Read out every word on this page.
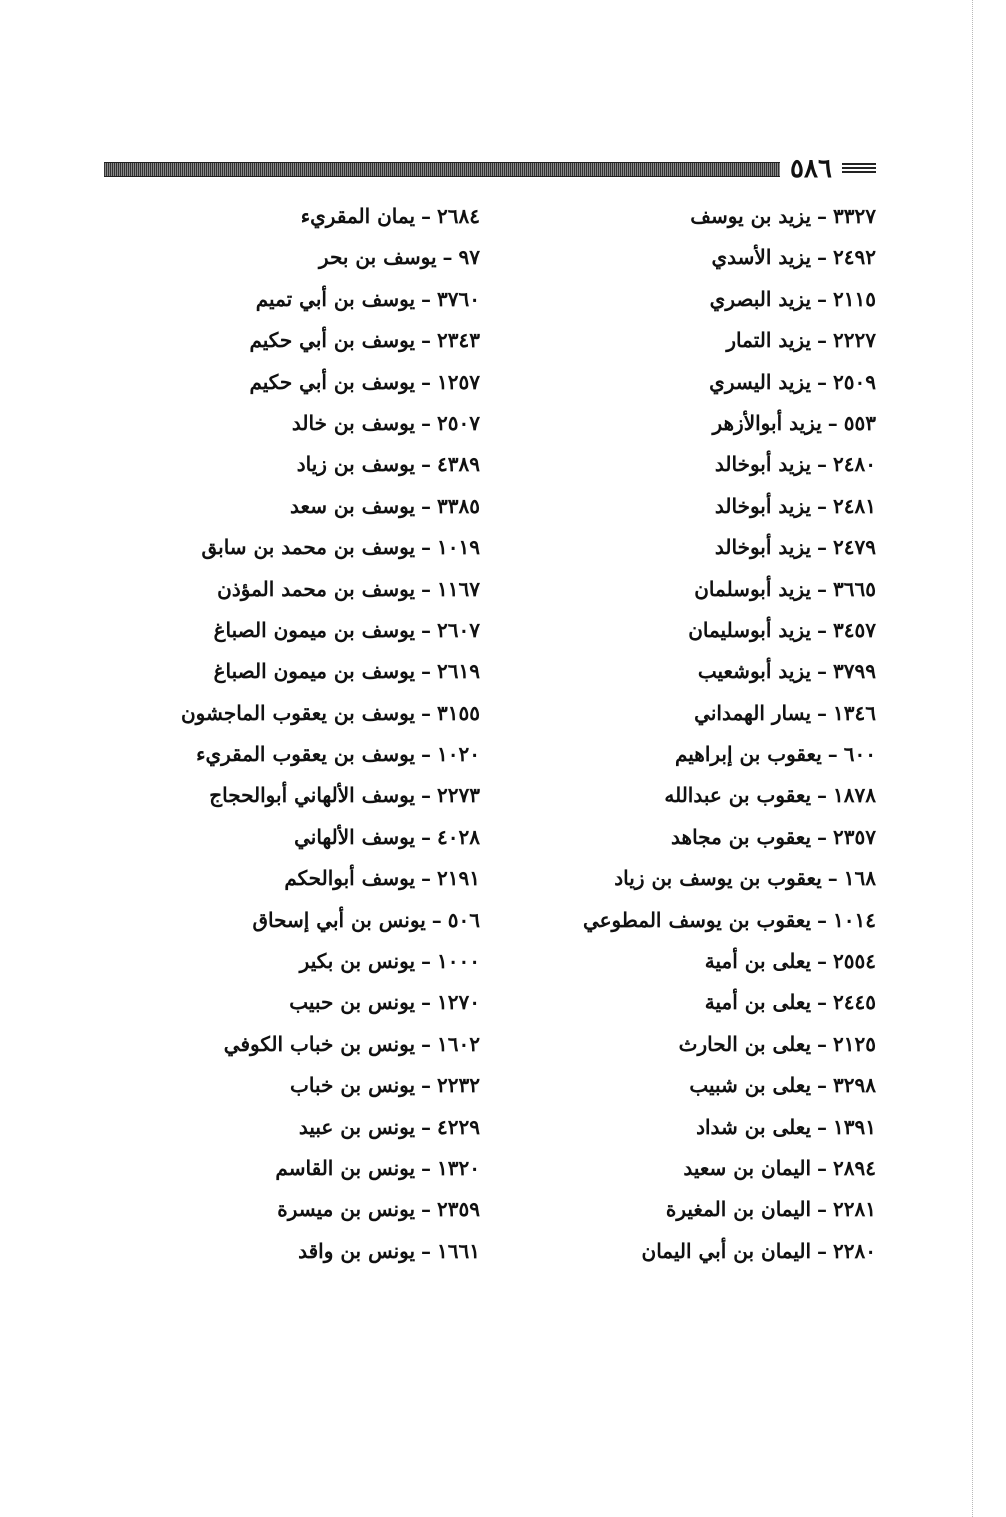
٥٨٦
٣٣٢٧–يزيد بن يوسف
٢٤٩٢–يزيد الأسدي
٢١١٥–يزيد البصري
٢٢٢٧–يزيد التمار
٢٥٠٩–يزيد اليسري
٥٥٣–يزيد أبوالأزهر
٢٤٨٠–يزيد أبوخالد
٢٤٨١–يزيد أبوخالد
٢٤٧٩–يزيد أبوخالد
٣٦٦٥–يزيد أبوسلمان
٣٤٥٧–يزيد أبوسليمان
٣٧٩٩–يزيد أبوشعيب
١٣٤٦–يسار الهمداني
٦٠٠–يعقوب بن إبراهيم
١٨٧٨–يعقوب بن عبدالله
٢٣٥٧–يعقوب بن مجاهد
١٦٨–يعقوب بن يوسف بن زياد
١٠١٤–يعقوب بن يوسف المطوعي
٢٥٥٤–يعلى بن أمية
٢٤٤٥–يعلى بن أمية
٢١٢٥–يعلى بن الحارث
٣٢٩٨–يعلى بن شبيب
١٣٩١–يعلى بن شداد
٢٨٩٤–اليمان بن سعيد
٢٢٨١–اليمان بن المغيرة
٢٢٨٠–اليمان بن أبي اليمان
٢٦٨٤–يمان المقريء
٩٧–يوسف بن بحر
٣٧٦٠–يوسف بن أبي تميم
٢٣٤٣–يوسف بن أبي حكيم
١٢٥٧–يوسف بن أبي حكيم
٢٥٠٧–يوسف بن خالد
٤٣٨٩–يوسف بن زياد
٣٣٨٥–يوسف بن سعد
١٠١٩–يوسف بن محمد بن سابق
١١٦٧–يوسف بن محمد المؤذن
٢٦٠٧–يوسف بن ميمون الصباغ
٢٦١٩–يوسف بن ميمون الصباغ
٣١٥٥–يوسف بن يعقوب الماجشون
١٠٢٠–يوسف بن يعقوب المقريء
٢٢٧٣–يوسف الألهاني أبوالحجاج
٤٠٢٨–يوسف الألهاني
٢١٩١–يوسف أبوالحكم
٥٠٦–يونس بن أبي إسحاق
١٠٠٠–يونس بن بكير
١٢٧٠–يونس بن حبيب
١٦٠٢–يونس بن خباب الكوفي
٢٢٣٢–يونس بن خباب
٤٢٢٩–يونس بن عبيد
١٣٢٠–يونس بن القاسم
٢٣٥٩–يونس بن ميسرة
١٦٦١–يونس بن واقد
